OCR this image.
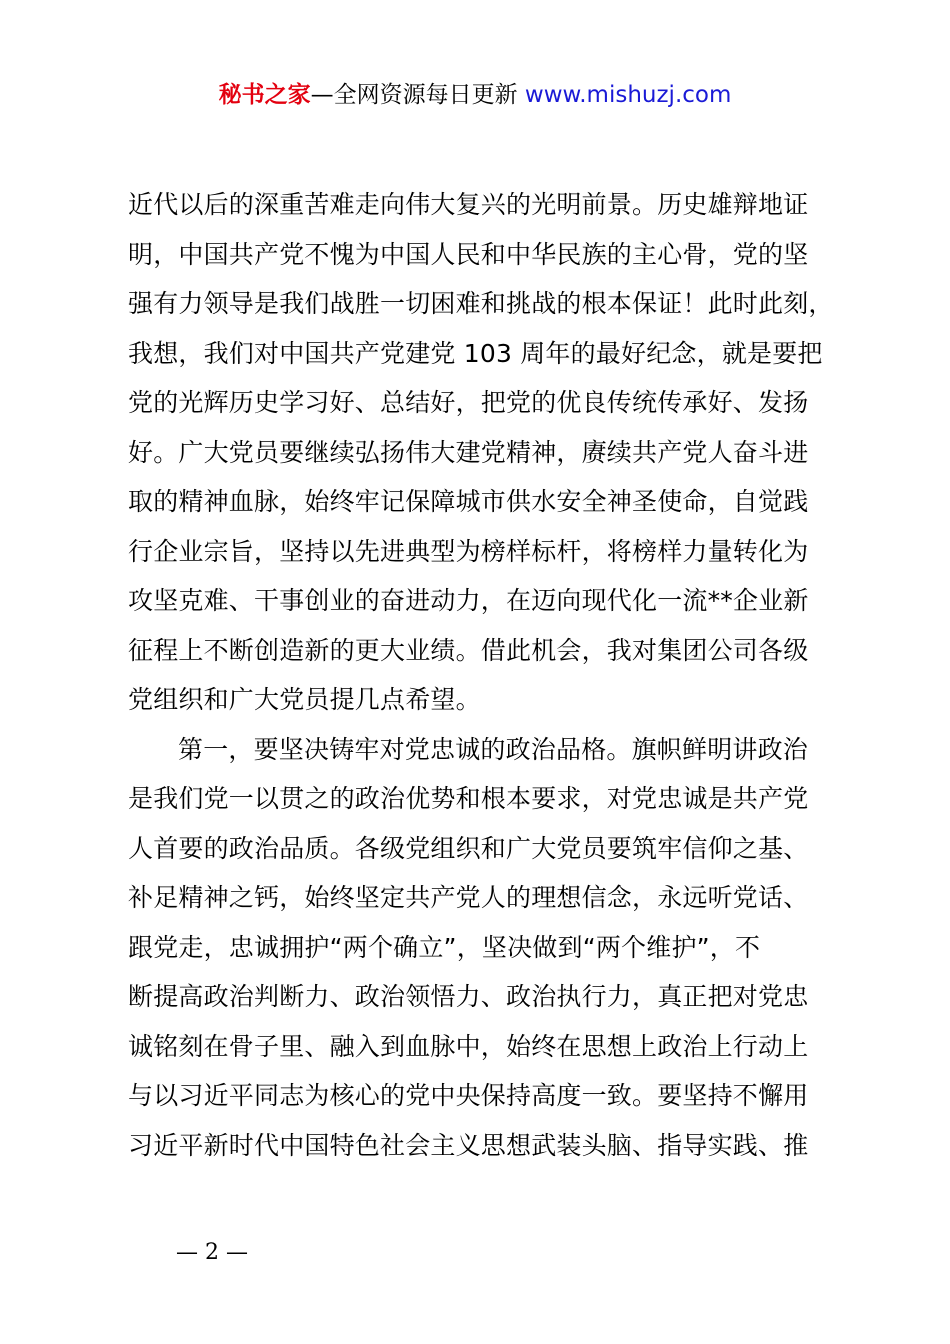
秘书之家—全网资源每日更新 www.mishuzj.com
近代以后的深重苦难走向伟大复兴的光明前景。历史雄辩地证
明，中国共产党不愧为中国人民和中华民族的主心骨，党的坚
强有力领导是我们战胜一切困难和挑战的根本保证！此时此刻，
我想，我们对中国共产党建党 103 周年的最好纪念，就是要把
党的光辉历史学习好、总结好，把党的优良传统传承好、发扬
好。广大党员要继续弘扬伟大建党精神，赓续共产党人奋斗进
取的精神血脉，始终牢记保障城市供水安全神圣使命，自觉践
行企业宗旨，坚持以先进典型为榜样标杆，将榜样力量转化为
攻坚克难、干事创业的奋进动力，在迈向现代化一流**企业新
征程上不断创造新的更大业绩。借此机会，我对集团公司各级
党组织和广大党员提几点希望。
第一，要坚决铸牢对党忠诚的政治品格。旗帜鲜明讲政治
是我们党一以贯之的政治优势和根本要求，对党忠诚是共产党
人首要的政治品质。各级党组织和广大党员要筑牢信仰之基、
补足精神之钙，始终坚定共产党人的理想信念，永远听党话、
跟党走，忠诚拥护“两个确立”，坚决做到“两个维护”，不
断提高政治判断力、政治领悟力、政治执行力，真正把对党忠
诚铭刻在骨子里、融入到血脉中，始终在思想上政治上行动上
与以习近平同志为核心的党中央保持高度一致。要坚持不懈用
习近平新时代中国特色社会主义思想武装头脑、指导实践、推
— 2 —
